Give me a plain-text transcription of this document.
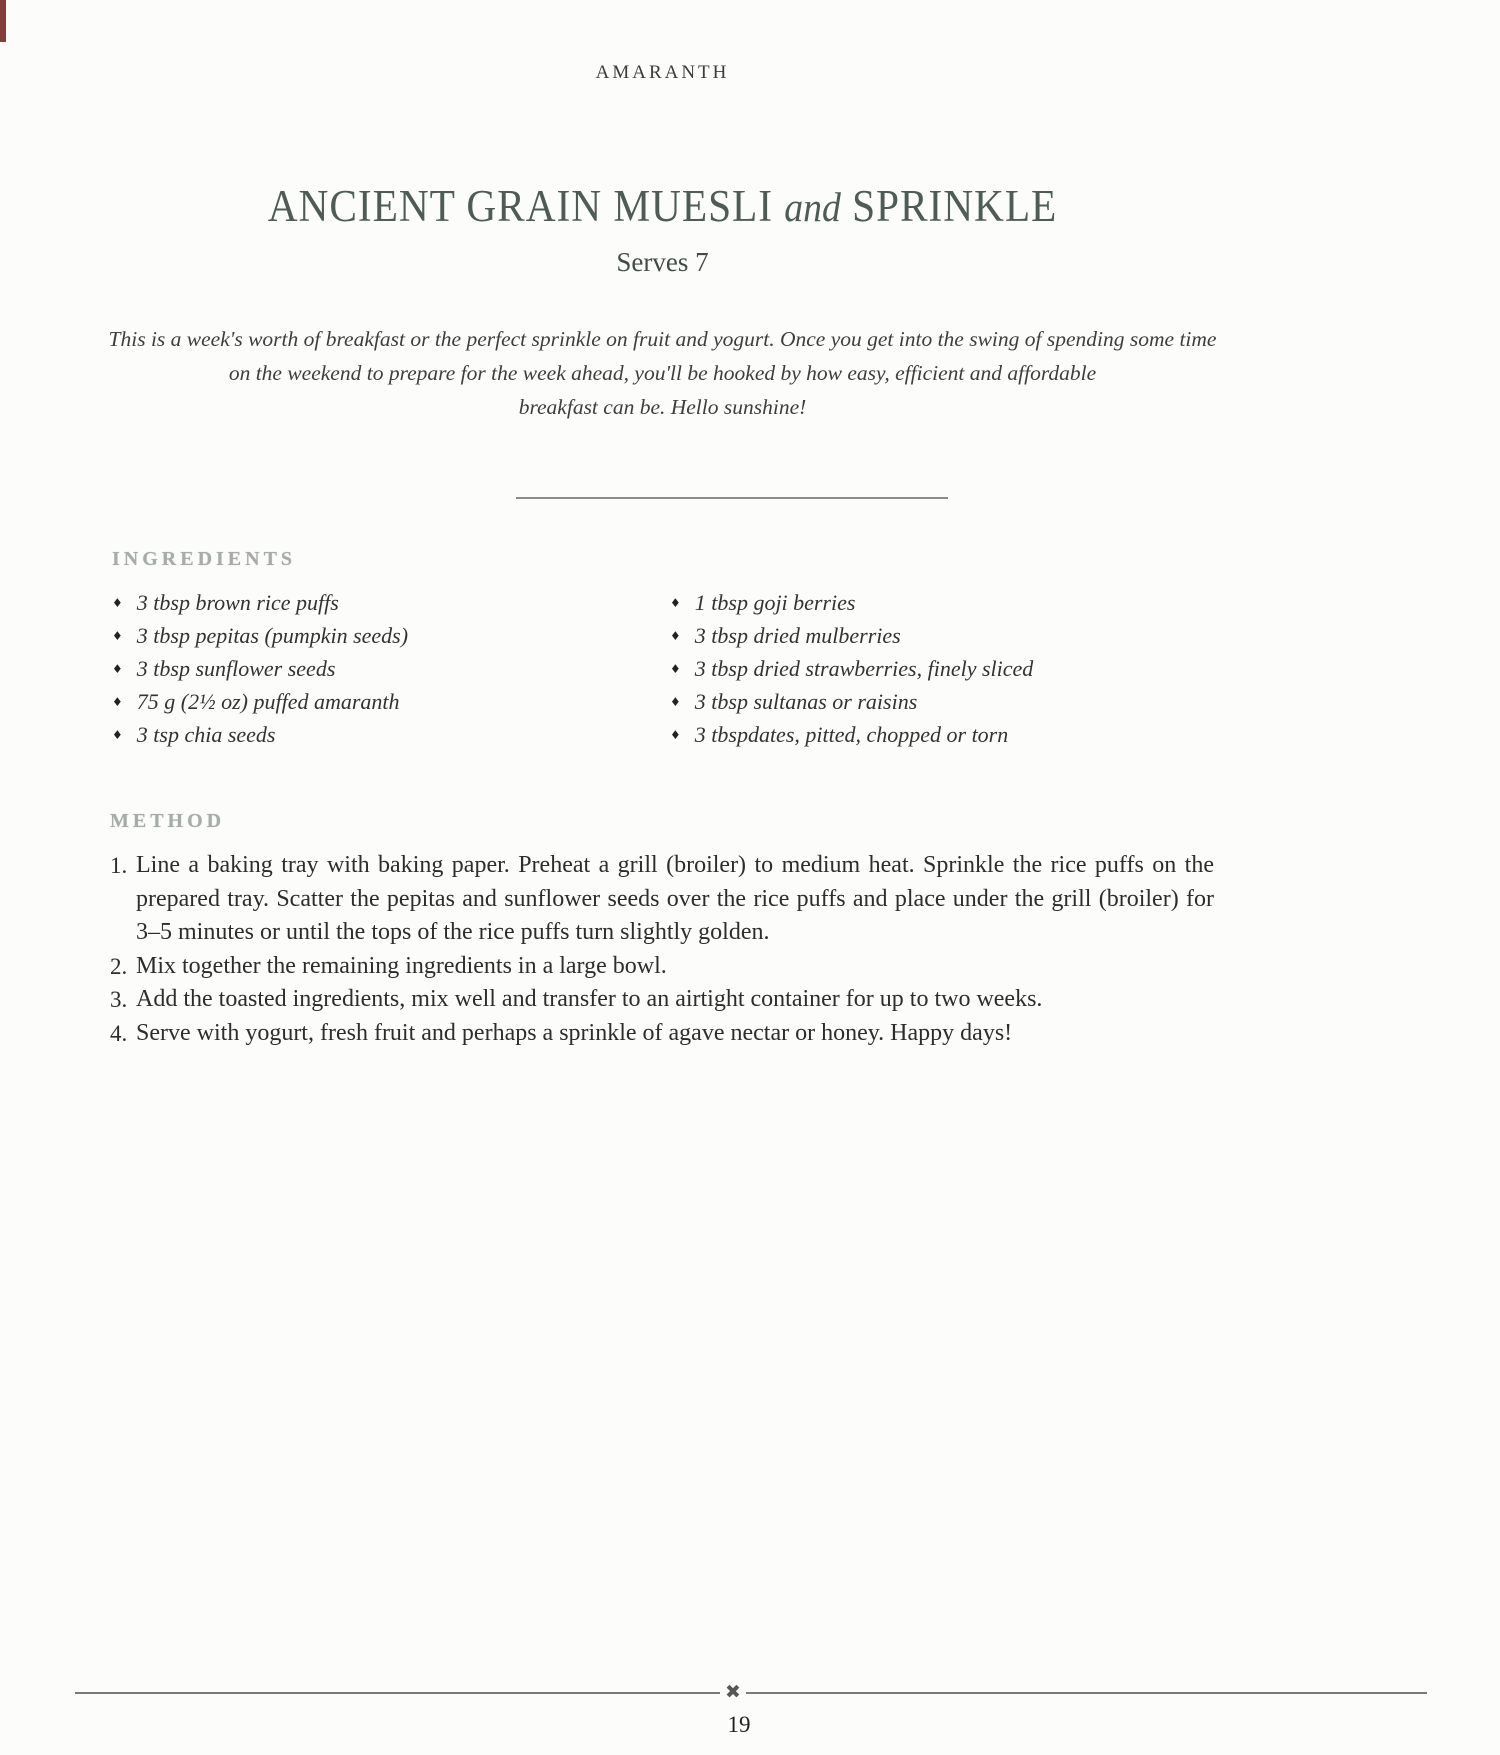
AMARANTH
ANCIENT GRAIN MUESLI and SPRINKLE
Serves 7
This is a week's worth of breakfast or the perfect sprinkle on fruit and yogurt. Once you get into the swing of spending some time
on the weekend to prepare for the week ahead, you'll be hooked by how easy, efficient and affordable
breakfast can be. Hello sunshine!
INGREDIENTS
♦ 3 tbsp brown rice puffs
♦ 3 tbsp pepitas (pumpkin seeds)
♦ 3 tbsp sunflower seeds
♦ 75 g (2½ oz) puffed amaranth
♦ 3 tsp chia seeds
♦ 1 tbsp goji berries
♦ 3 tbsp dried mulberries
♦ 3 tbsp dried strawberries, finely sliced
♦ 3 tbsp sultanas or raisins
♦ 3 tbspdates, pitted, chopped or torn
METHOD
1. Line a baking tray with baking paper. Preheat a grill (broiler) to medium heat. Sprinkle the rice puffs on the prepared tray. Scatter the pepitas and sunflower seeds over the rice puffs and place under the grill (broiler) for 3–5 minutes or until the tops of the rice puffs turn slightly golden.
2. Mix together the remaining ingredients in a large bowl.
3. Add the toasted ingredients, mix well and transfer to an airtight container for up to two weeks.
4. Serve with yogurt, fresh fruit and perhaps a sprinkle of agave nectar or honey. Happy days!
✖
19
